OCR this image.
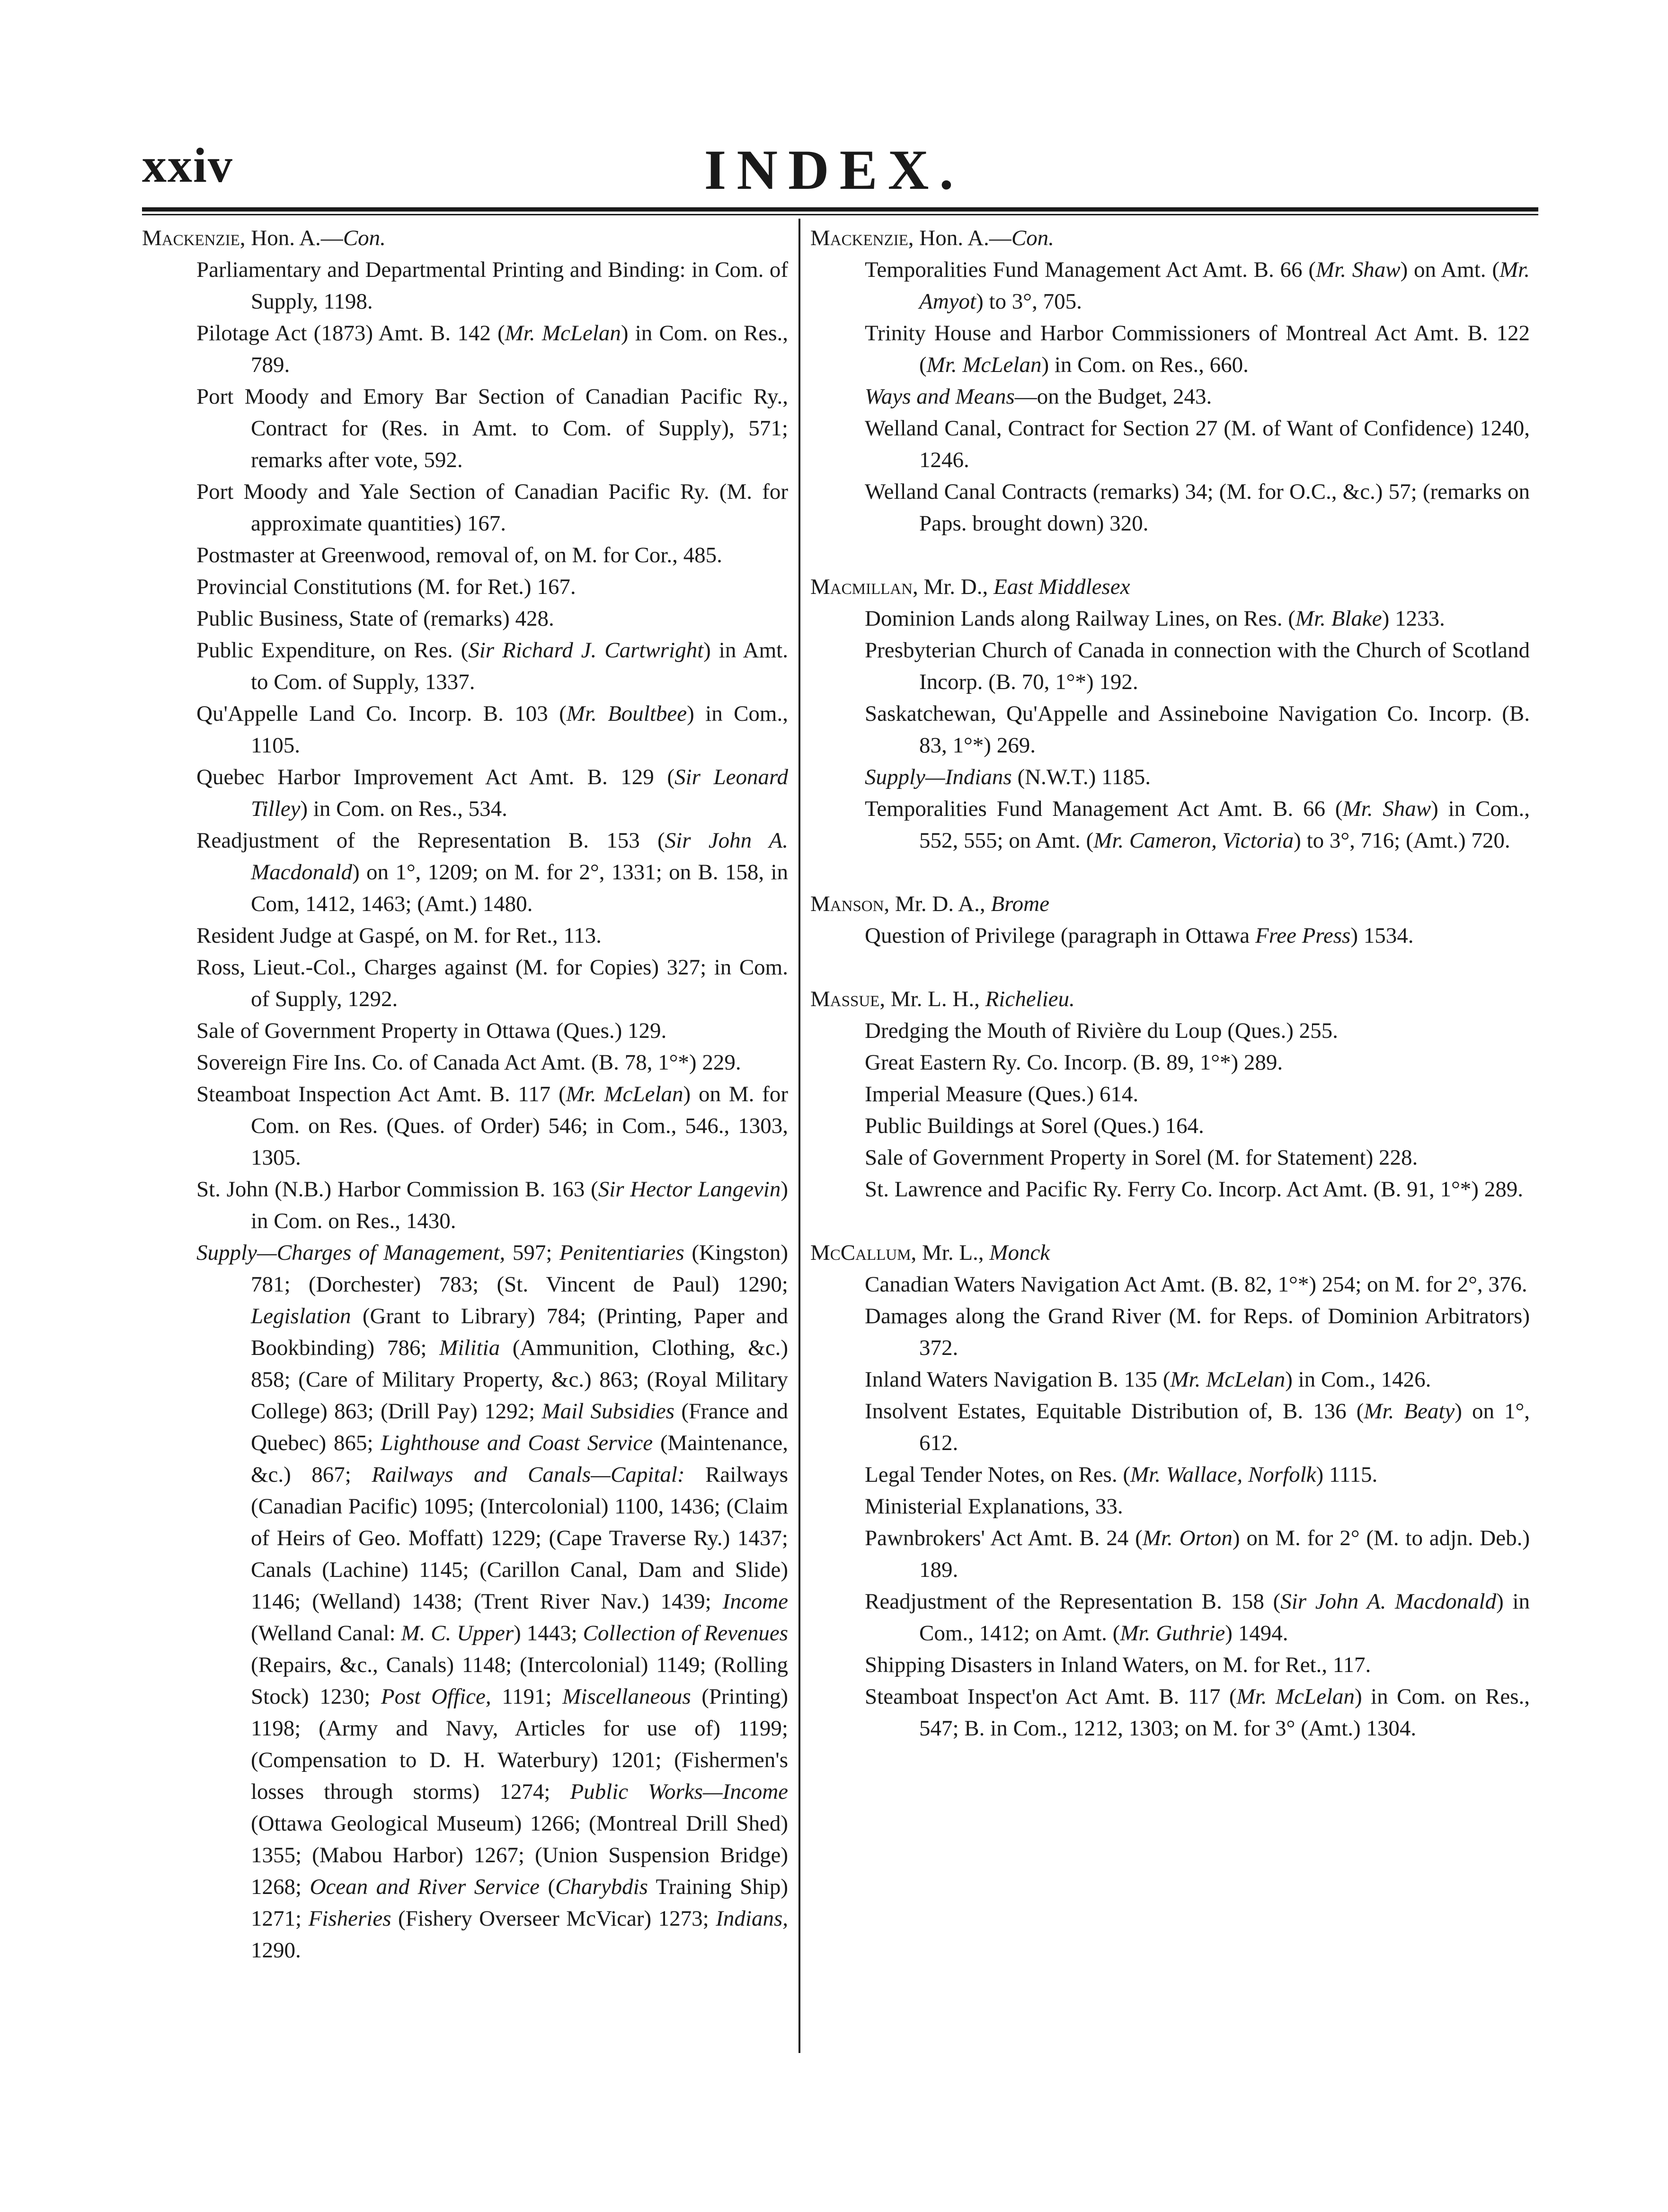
xxiv	INDEX.

Mackenzie, Hon. A.—Con.

Parliamentary and Departmental Printing and Binding: in Com. of Supply, 1198.

Pilotage Act (1873) Amt. B. 142 (Mr. McLelan) in Com. on Res., 789.

Port Moody and Emory Bar Section of Canadian Pacific Ry., Contract for (Res. in Amt. to Com. of Supply), 571; remarks after vote, 592.

Port Moody and Yale Section of Canadian Pacific Ry. (M. for approximate quantities) 167.

Postmaster at Greenwood, removal of, on M. for Cor., 485.

Provincial Constitutions (M. for Ret.) 167.

Public Business, State of (remarks) 428.

Public Expenditure, on Res. (Sir Richard J. Cartwright) in Amt. to Com. of Supply, 1337.

Qu'Appelle Land Co. Incorp. B. 103 (Mr. Boultbee) in Com., 1105.

Quebec Harbor Improvement Act Amt. B. 129 (Sir Leonard Tilley) in Com. on Res., 534.

Readjustment of the Representation B. 153 (Sir John A. Macdonald) on 1°, 1209; on M. for 2°, 1331; on B. 158, in Com, 1412, 1463; (Amt.) 1480.

Resident Judge at Gaspé, on M. for Ret., 113.

Ross, Lieut.-Col., Charges against (M. for Copies) 327; in Com. of Supply, 1292.

Sale of Government Property in Ottawa (Ques.) 129.

Sovereign Fire Ins. Co. of Canada Act Amt. (B. 78, 1°*) 229.

Steamboat Inspection Act Amt. B. 117 (Mr. McLelan) on M. for Com. on Res. (Ques. of Order) 546; in Com., 546., 1303, 1305.

St. John (N.B.) Harbor Commission B. 163 (Sir Hector Langevin) in Com. on Res., 1430.

Supply—Charges of Management, 597; Penitentiaries (Kingston) 781; (Dorchester) 783; (St. Vincent de Paul) 1290; Legislation (Grant to Library) 784; (Printing, Paper and Bookbinding) 786; Militia (Ammunition, Clothing, &c.) 858; (Care of Military Property, &c.) 863; (Royal Military College) 863; (Drill Pay) 1292; Mail Subsidies (France and Quebec) 865; Lighthouse and Coast Service (Maintenance, &c.) 867; Railways and Canals—Capital: Railways (Canadian Pacific) 1095; (Intercolonial) 1100, 1436; (Claim of Heirs of Geo. Moffatt) 1229; (Cape Traverse Ry.) 1437; Canals (Lachine) 1145; (Carillon Canal, Dam and Slide) 1146; (Welland) 1438; (Trent River Nav.) 1439; Income (Welland Canal: M. C. Upper) 1443; Collection of Revenues (Repairs, &c., Canals) 1148; (Intercolonial) 1149; (Rolling Stock) 1230; Post Office, 1191; Miscellaneous (Printing) 1198; (Army and Navy, Articles for use of) 1199; (Compensation to D. H. Waterbury) 1201; (Fishermen's losses through storms) 1274; Public Works—Income (Ottawa Geological Museum) 1266; (Montreal Drill Shed) 1355; (Mabou Harbor) 1267; (Union Suspension Bridge) 1268; Ocean and River Service (Charybdis Training Ship) 1271; Fisheries (Fishery Overseer McVicar) 1273; Indians, 1290.

Mackenzie, Hon. A.—Con.

Temporalities Fund Management Act Amt. B. 66 (Mr. Shaw) on Amt. (Mr. Amyot) to 3°, 705.

Trinity House and Harbor Commissioners of Montreal Act Amt. B. 122 (Mr. McLelan) in Com. on Res., 660.

Ways and Means—on the Budget, 243.

Welland Canal, Contract for Section 27 (M. of Want of Confidence) 1240, 1246.

Welland Canal Contracts (remarks) 34; (M. for O.C., &c.) 57; (remarks on Paps. brought down) 320.

Macmillan, Mr. D., East Middlesex

Dominion Lands along Railway Lines, on Res. (Mr. Blake) 1233.

Presbyterian Church of Canada in connection with the Church of Scotland Incorp. (B. 70, 1°*) 192.

Saskatchewan, Qu'Appelle and Assineboine Navigation Co. Incorp. (B. 83, 1°*) 269.

Supply—Indians (N.W.T.) 1185.

Temporalities Fund Management Act Amt. B. 66 (Mr. Shaw) in Com., 552, 555; on Amt. (Mr. Cameron, Victoria) to 3°, 716; (Amt.) 720.

Manson, Mr. D. A., Brome

Question of Privilege (paragraph in Ottawa Free Press) 1534.

Massue, Mr. L. H., Richelieu.

Dredging the Mouth of Rivière du Loup (Ques.) 255.

Great Eastern Ry. Co. Incorp. (B. 89, 1°*) 289.

Imperial Measure (Ques.) 614.

Public Buildings at Sorel (Ques.) 164.

Sale of Government Property in Sorel (M. for Statement) 228.

St. Lawrence and Pacific Ry. Ferry Co. Incorp. Act Amt. (B. 91, 1°*) 289.

McCallum, Mr. L., Monck

Canadian Waters Navigation Act Amt. (B. 82, 1°*) 254; on M. for 2°, 376.

Damages along the Grand River (M. for Reps. of Dominion Arbitrators) 372.

Inland Waters Navigation B. 135 (Mr. McLelan) in Com., 1426.

Insolvent Estates, Equitable Distribution of, B. 136 (Mr. Beaty) on 1°, 612.

Legal Tender Notes, on Res. (Mr. Wallace, Norfolk) 1115.

Ministerial Explanations, 33.

Pawnbrokers' Act Amt. B. 24 (Mr. Orton) on M. for 2° (M. to adjn. Deb.) 189.

Readjustment of the Representation B. 158 (Sir John A. Macdonald) in Com., 1412; on Amt. (Mr. Guthrie) 1494.

Shipping Disasters in Inland Waters, on M. for Ret., 117.

Steamboat Inspect'on Act Amt. B. 117 (Mr. McLelan) in Com. on Res., 547; B. in Com., 1212, 1303; on M. for 3° (Amt.) 1304.
